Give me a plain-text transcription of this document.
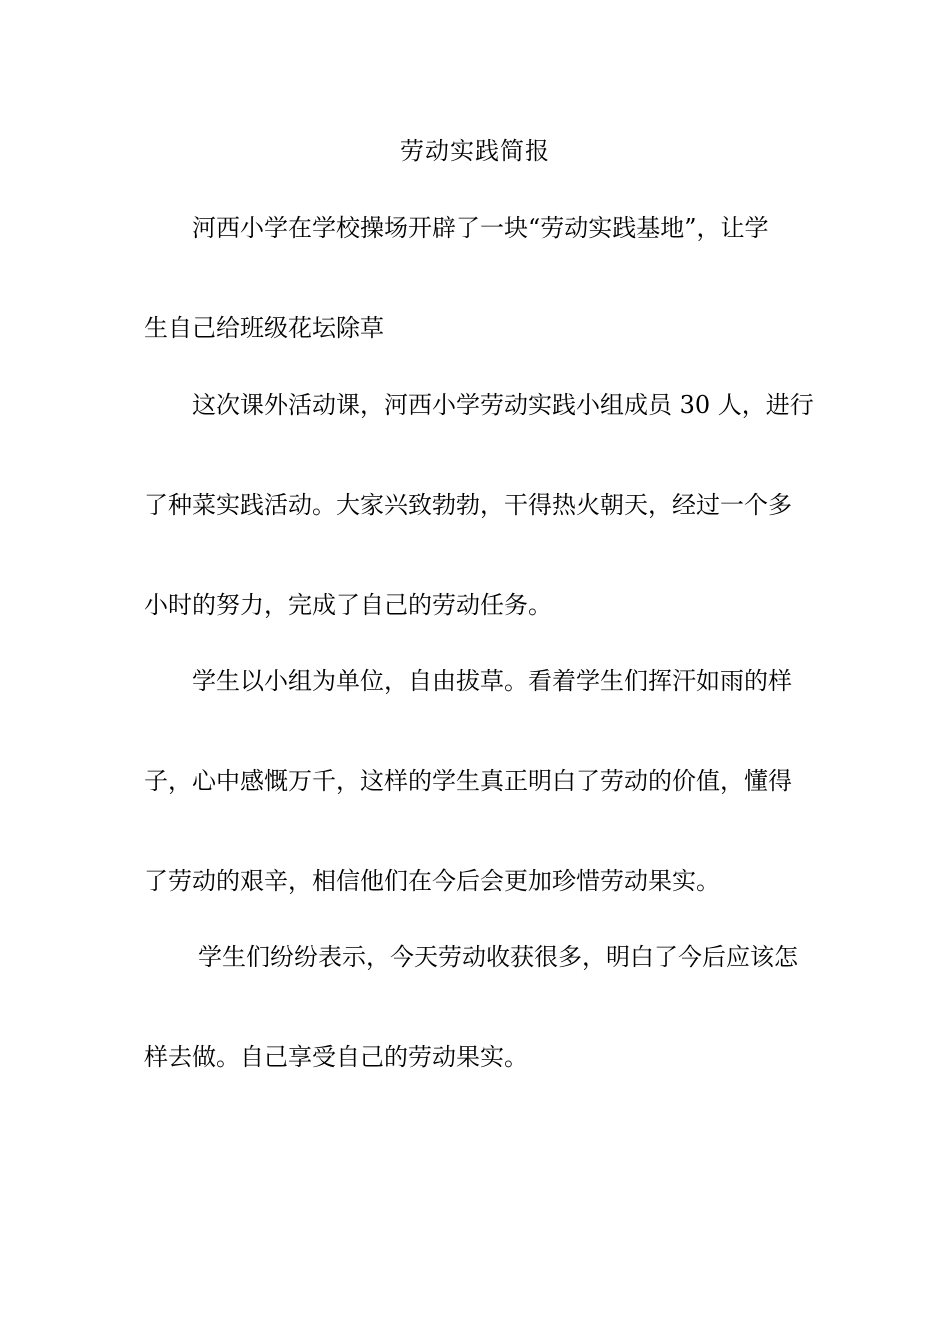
劳动实践简报

河西小学在学校操场开辟了一块“劳动实践基地”，让学

生自己给班级花坛除草

这次课外活动课，河西小学劳动实践小组成员 30 人，进行

了种菜实践活动。大家兴致勃勃，干得热火朝天，经过一个多

小时的努力，完成了自己的劳动任务。

学生以小组为单位，自由拔草。看着学生们挥汗如雨的样

子，心中感慨万千，这样的学生真正明白了劳动的价值，懂得

了劳动的艰辛，相信他们在今后会更加珍惜劳动果实。

学生们纷纷表示，今天劳动收获很多，明白了今后应该怎

样去做。自己享受自己的劳动果实。
